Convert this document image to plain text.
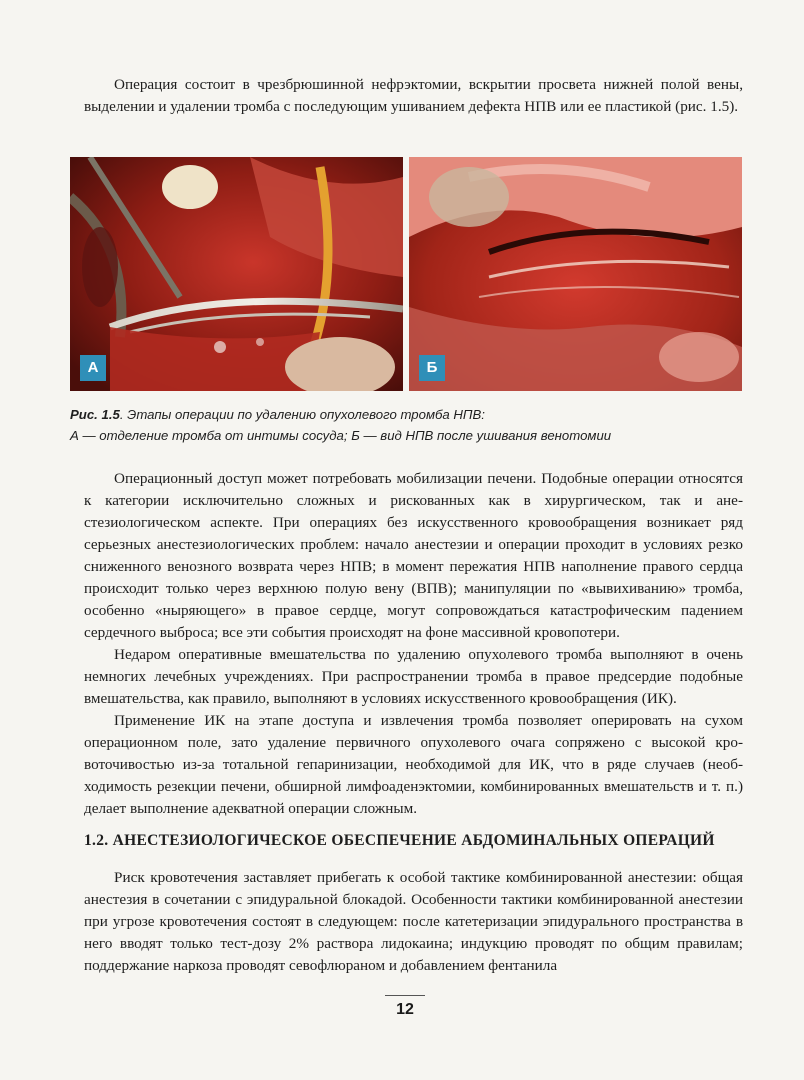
Операция состоит в чрезбрюшинной нефрэктомии, вскрытии просвета нижней полой вены, выделении и удалении тромба с последующим ушиванием дефекта НПВ или ее пластикой (рис. 1.5).

А	Б
Рис. 1.5. Этапы операции по удалению опухолевого тромба НПВ:
А — отделение тромба от интимы сосуда; Б — вид НПВ после ушивания венотомии

Операционный доступ может потребовать мобилизации печени. Подобные операции относятся к категории исключительно сложных и рискованных как в хирургическом, так и анестезиологическом аспекте. При операциях без искусственного кровообращения возникает ряд серьезных анестезиологических проблем: начало анестезии и операции проходит в условиях резко сниженного венозного возврата через НПВ; в момент пережатия НПВ наполнение правого сердца происходит только через верхнюю полую вену (ВПВ); манипуляции по «вывихиванию» тромба, особенно «ныряющего» в правое сердце, могут сопровождаться катастрофическим падением сердечного выброса; все эти события происходят на фоне массивной кровопотери.

Недаром оперативные вмешательства по удалению опухолевого тромба выполняют в очень немногих лечебных учреждениях. При распространении тромба в правое предсердие подобные вмешательства, как правило, выполняют в условиях искусственного кровообращения (ИК).

Применение ИК на этапе доступа и извлечения тромба позволяет оперировать на сухом операционном поле, зато удаление первичного опухолевого очага сопряжено с высокой кровоточивостью из-за тотальной гепаринизации, необходимой для ИК, что в ряде случаев (необходимость резекции печени, обширной лимфоаденэктомии, комбинированных вмешательств и т. п.) делает выполнение адекватной операции сложным.

1.2. АНЕСТЕЗИОЛОГИЧЕСКОЕ ОБЕСПЕЧЕНИЕ АБДОМИНАЛЬНЫХ ОПЕРАЦИЙ

Риск кровотечения заставляет прибегать к особой тактике комбинированной анестезии: общая анестезия в сочетании с эпидуральной блокадой. Особенности тактики комбинированной анестезии при угрозе кровотечения состоят в следующем: после катетеризации эпидурального пространства в него вводят только тест-дозу 2% раствора лидокаина; индукцию проводят по общим правилам; поддержание наркоза проводят севофлюраном и добавлением фентанила

12
